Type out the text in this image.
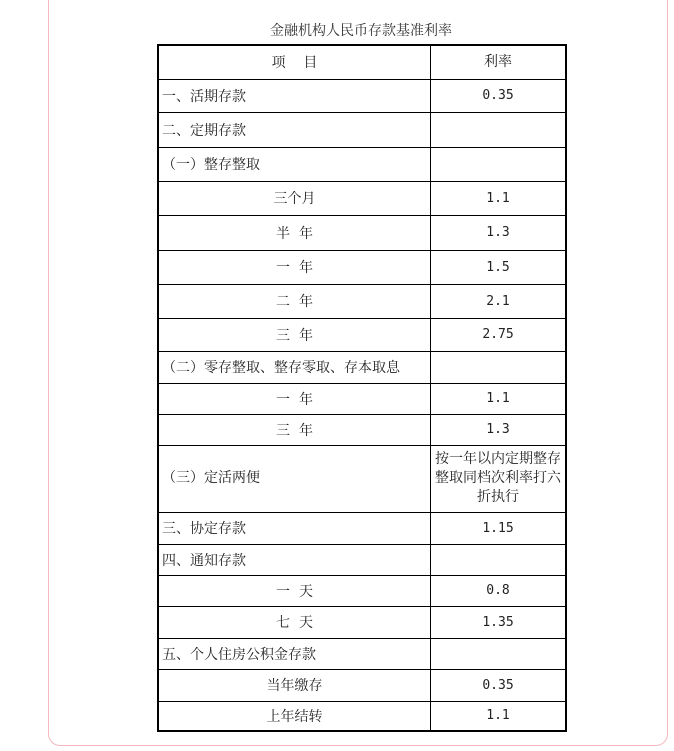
金融机构人民币存款基准利率
项    目	利率
一、活期存款	0.35
二、定期存款	
（一）整存整取	
三个月	1.1
半  年	1.3
一  年	1.5
二  年	2.1
三  年	2.75
（二）零存整取、整存零取、存本取息	
一  年	1.1
三  年	1.3
（三）定活两便	按一年以内定期整存整取同档次利率打六折执行
三、协定存款	1.15
四、通知存款	
一  天	0.8
七  天	1.35
五、个人住房公积金存款	
当年缴存	0.35
上年结转	1.1
